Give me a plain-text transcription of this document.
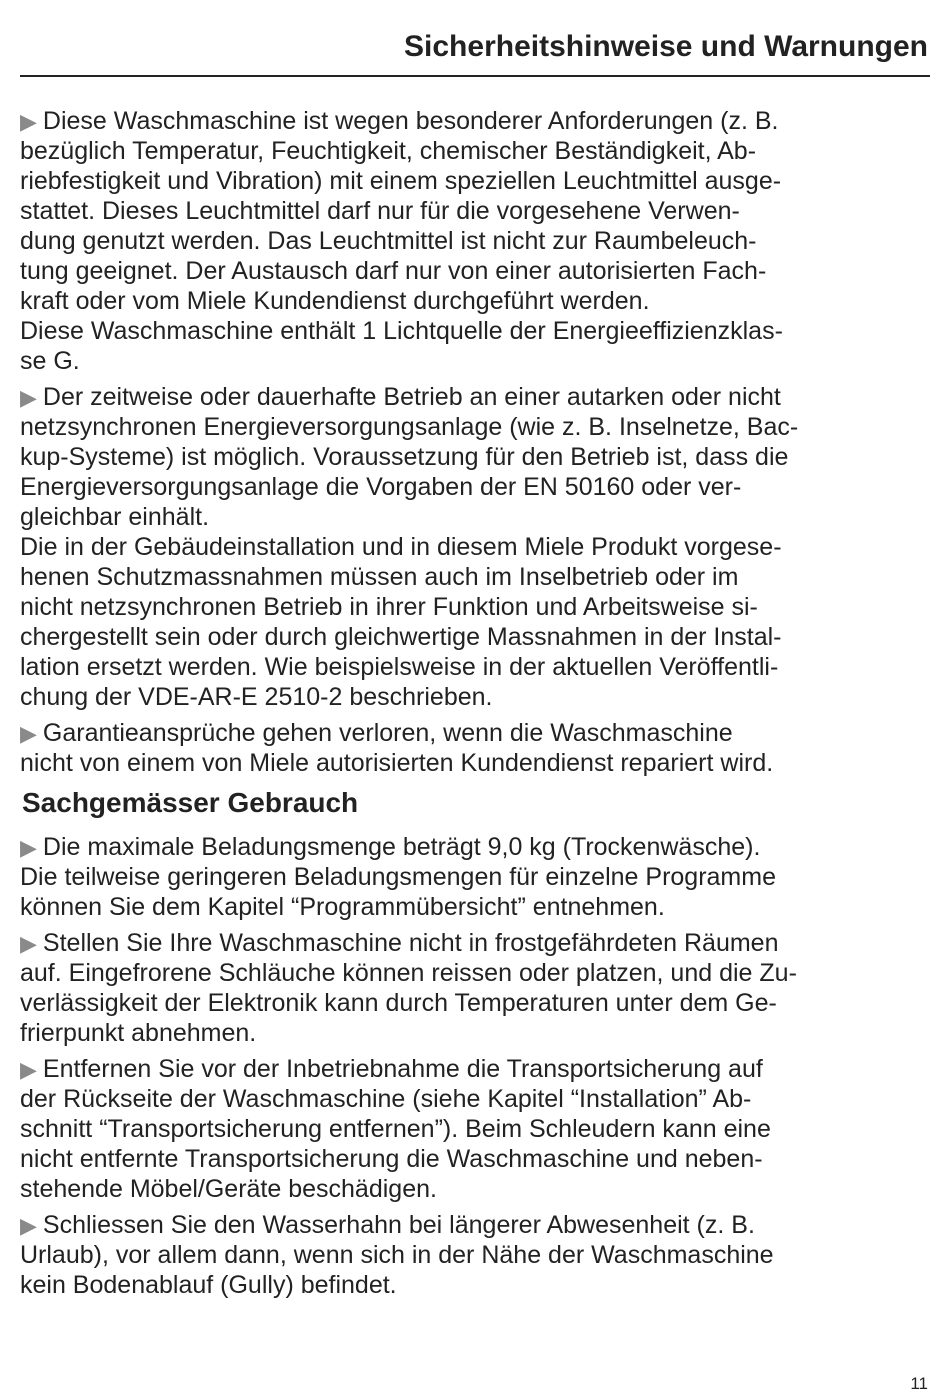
Sicherheitshinweise und Warnungen
▶ Diese Waschmaschine ist wegen besonderer Anforderungen (z. B.
bezüglich Temperatur, Feuchtigkeit, chemischer Beständigkeit, Ab-
riebfestigkeit und Vibration) mit einem speziellen Leuchtmittel ausge-
stattet. Dieses Leuchtmittel darf nur für die vorgesehene Verwen-
dung genutzt werden. Das Leuchtmittel ist nicht zur Raumbeleuch-
tung geeignet. Der Austausch darf nur von einer autorisierten Fach-
kraft oder vom Miele Kundendienst durchgeführt werden.
Diese Waschmaschine enthält 1 Lichtquelle der Energieeffizienzklas-
se G.
▶ Der zeitweise oder dauerhafte Betrieb an einer autarken oder nicht
netzsynchronen Energieversorgungsanlage (wie z. B. Inselnetze, Bac-
kup-Systeme) ist möglich. Voraussetzung für den Betrieb ist, dass die
Energieversorgungsanlage die Vorgaben der EN 50160 oder ver-
gleichbar einhält.
Die in der Gebäudeinstallation und in diesem Miele Produkt vorgese-
henen Schutzmassnahmen müssen auch im Inselbetrieb oder im
nicht netzsynchronen Betrieb in ihrer Funktion und Arbeitsweise si-
chergestellt sein oder durch gleichwertige Massnahmen in der Instal-
lation ersetzt werden. Wie beispielsweise in der aktuellen Veröffentli-
chung der VDE-AR-E 2510-2 beschrieben.
▶ Garantieansprüche gehen verloren, wenn die Waschmaschine
nicht von einem von Miele autorisierten Kundendienst repariert wird.
Sachgemässer Gebrauch
▶ Die maximale Beladungsmenge beträgt 9,0 kg (Trockenwäsche).
Die teilweise geringeren Beladungsmengen für einzelne Programme
können Sie dem Kapitel “Programmübersicht” entnehmen.
▶ Stellen Sie Ihre Waschmaschine nicht in frostgefährdeten Räumen
auf. Eingefrorene Schläuche können reissen oder platzen, und die Zu-
verlässigkeit der Elektronik kann durch Temperaturen unter dem Ge-
frierpunkt abnehmen.
▶ Entfernen Sie vor der Inbetriebnahme die Transportsicherung auf
der Rückseite der Waschmaschine (siehe Kapitel “Installation” Ab-
schnitt “Transportsicherung entfernen”). Beim Schleudern kann eine
nicht entfernte Transportsicherung die Waschmaschine und neben-
stehende Möbel/Geräte beschädigen.
▶ Schliessen Sie den Wasserhahn bei längerer Abwesenheit (z. B.
Urlaub), vor allem dann, wenn sich in der Nähe der Waschmaschine
kein Bodenablauf (Gully) befindet.
11
